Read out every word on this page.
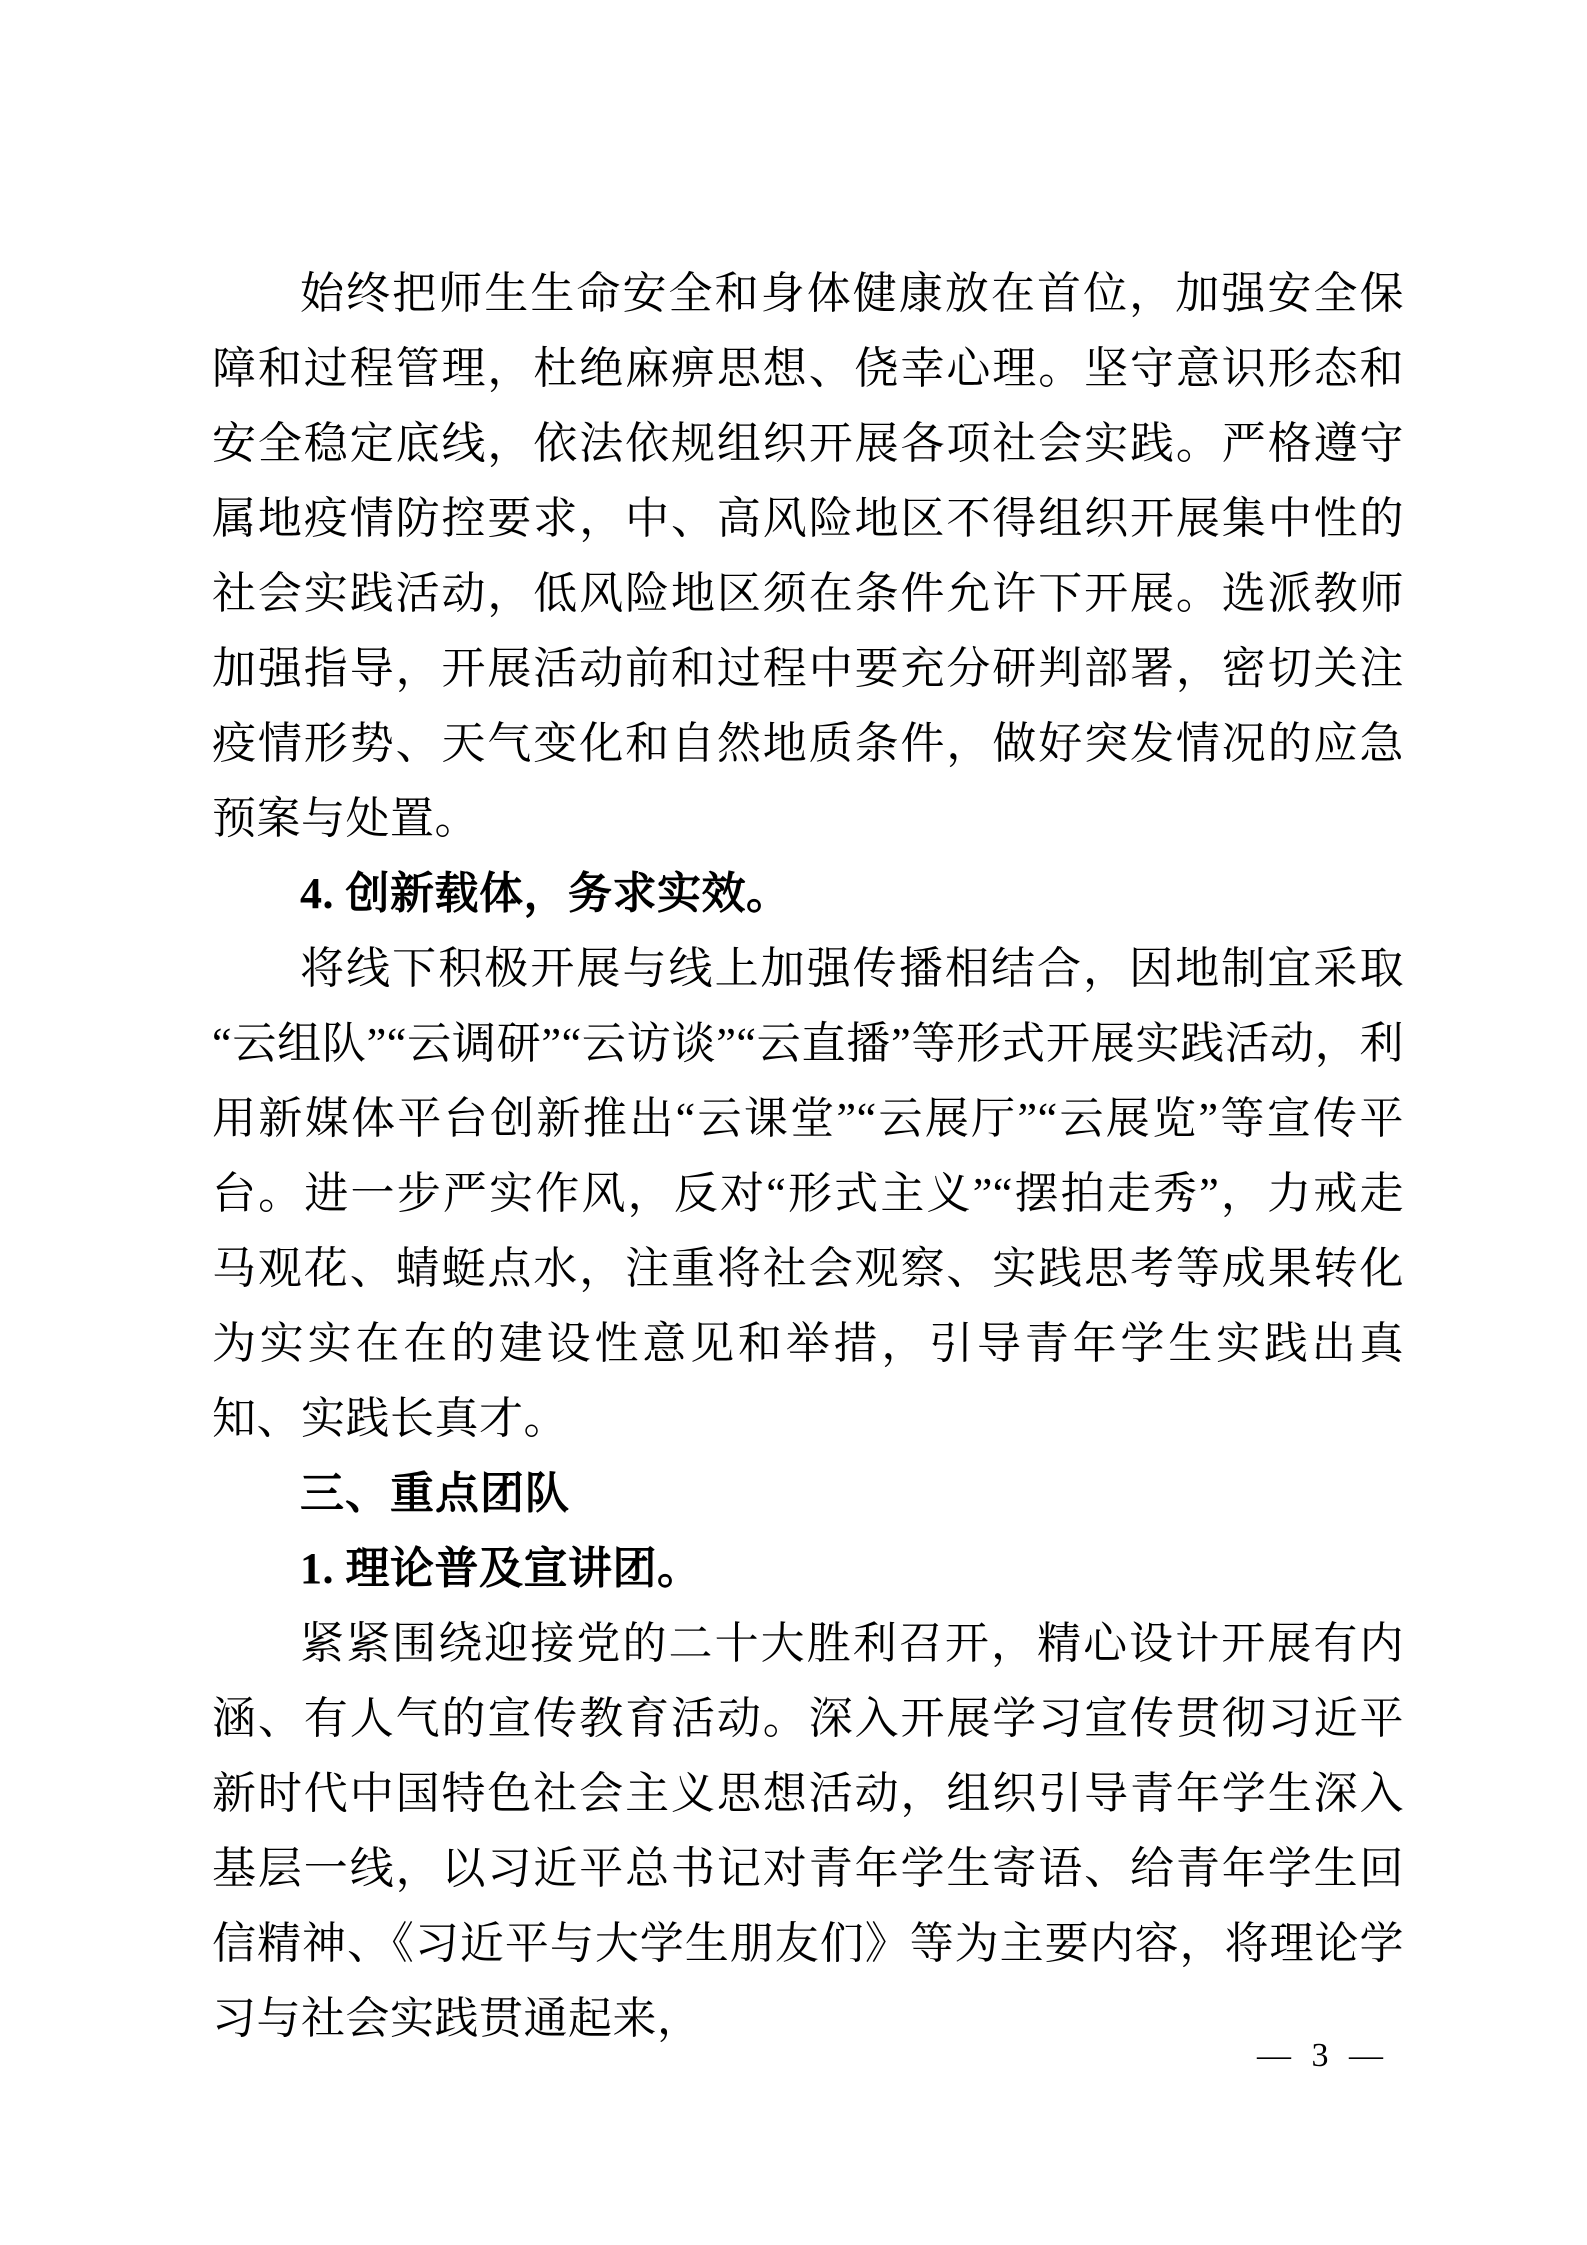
始终把师生生命安全和身体健康放在首位，加强安全保障和过程管理，杜绝麻痹思想、侥幸心理。坚守意识形态和安全稳定底线，依法依规组织开展各项社会实践。严格遵守属地疫情防控要求，中、高风险地区不得组织开展集中性的社会实践活动，低风险地区须在条件允许下开展。选派教师加强指导，开展活动前和过程中要充分研判部署，密切关注疫情形势、天气变化和自然地质条件，做好突发情况的应急预案与处置。

4. 创新载体，务求实效。

将线下积极开展与线上加强传播相结合，因地制宜采取“云组队”“云调研”“云访谈”“云直播”等形式开展实践活动，利用新媒体平台创新推出“云课堂”“云展厅”“云展览”等宣传平台。进一步严实作风，反对“形式主义”“摆拍走秀”，力戒走马观花、蜻蜓点水，注重将社会观察、实践思考等成果转化为实实在在的建设性意见和举措，引导青年学生实践出真知、实践长真才。

三、重点团队

1. 理论普及宣讲团。

紧紧围绕迎接党的二十大胜利召开，精心设计开展有内涵、有人气的宣传教育活动。深入开展学习宣传贯彻习近平新时代中国特色社会主义思想活动，组织引导青年学生深入基层一线，以习近平总书记对青年学生寄语、给青年学生回信精神、《习近平与大学生朋友们》等为主要内容，将理论学习与社会实践贯通起来，

— 3 —
